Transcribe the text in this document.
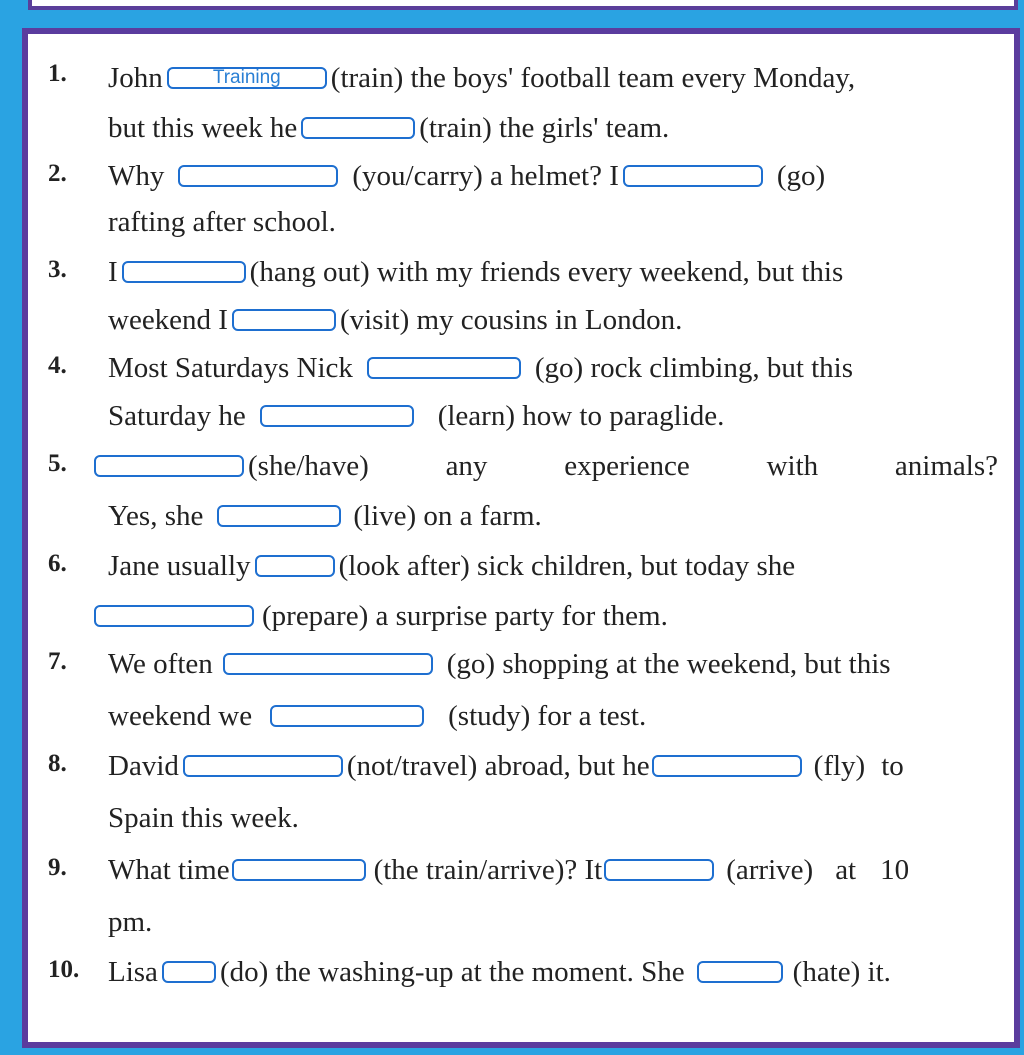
1. John	Training	(train) the boys' football team every Monday,
but this week he	(train) the girls' team.
2. Why	(you/carry) a helmet? I	(go)
rafting after school.
3. I	(hang out) with my friends every weekend, but this
weekend I	(visit) my cousins in London.
4. Most Saturdays Nick	(go) rock climbing, but this
Saturday he	(learn) how to paraglide.
5.	(she/have)	any	experience	with	animals?
Yes, she	(live) on a farm.
6. Jane usually	(look after) sick children, but today she
(prepare) a surprise party for them.
7. We often	(go) shopping at the weekend, but this
weekend we	(study) for a test.
8. David	(not/travel) abroad, but he	(fly) to
Spain this week.
9. What time	(the train/arrive)? It	(arrive) at 10
pm.
10. Lisa (do) the washing-up at the moment. She	(hate) it.
